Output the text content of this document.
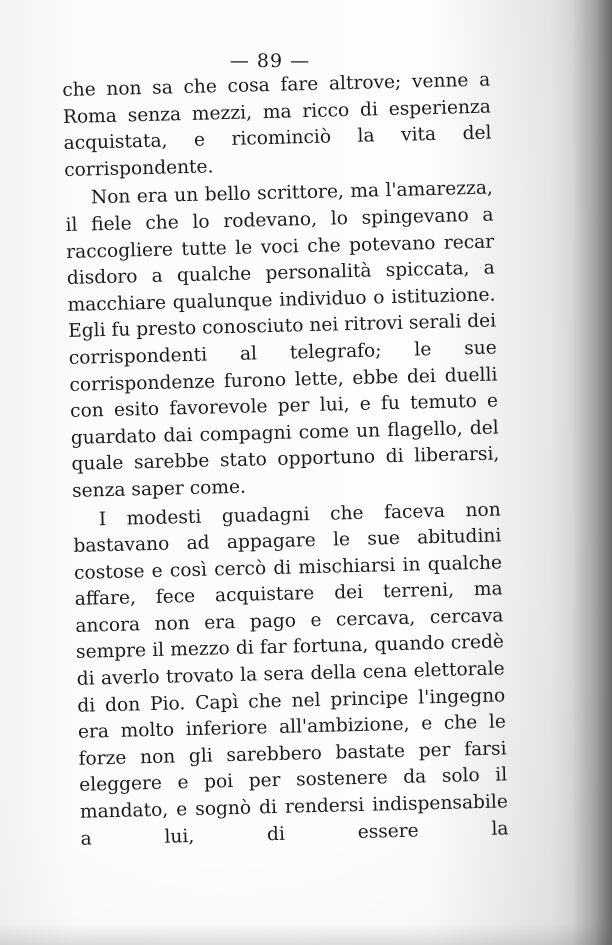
— 89 —

che non sa che cosa fare altrove; venne a Roma senza mezzi, ma ricco di esperienza acquistata, e ricominciò la vita del corrispondente.

Non era un bello scrittore, ma l'amarezza, il fiele che lo rodevano, lo spingevano a raccogliere tutte le voci che potevano recar disdoro a qualche personalità spiccata, a macchiare qualunque individuo o istituzione. Egli fu presto conosciuto nei ritrovi serali dei corrispondenti al telegrafo; le sue corrispondenze furono lette, ebbe dei duelli con esito favorevole per lui, e fu temuto e guardato dai compagni come un flagello, del quale sarebbe stato opportuno di liberarsi, senza saper come.

I modesti guadagni che faceva non bastavano ad appagare le sue abitudini costose e così cercò di mischiarsi in qualche affare, fece acquistare dei terreni, ma ancora non era pago e cercava, cercava sempre il mezzo di far fortuna, quando credè di averlo trovato la sera della cena elettorale di don Pio. Capì che nel principe l'ingegno era molto inferiore all'ambizione, e che le forze non gli sarebbero bastate per farsi eleggere e poi per sostenere da solo il mandato, e sognò di rendersi indispensabile a lui, di essere la
